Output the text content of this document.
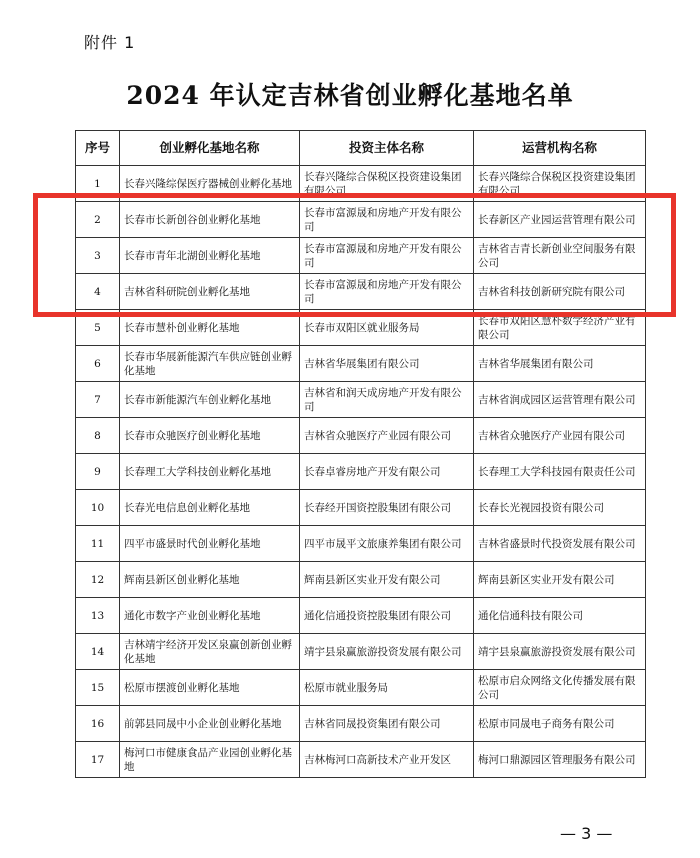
附件 1
2024 年认定吉林省创业孵化基地名单
序号	创业孵化基地名称	投资主体名称	运营机构名称
1	长春兴隆综保医疗器械创业孵化基地	长春兴隆综合保税区投资建设集团有限公司	长春兴隆综合保税区投资建设集团有限公司
2	长春市长新创谷创业孵化基地	长春市富源晟和房地产开发有限公司	长春新区产业园运营管理有限公司
3	长春市青年北湖创业孵化基地	长春市富源晟和房地产开发有限公司	吉林省吉青长新创业空间服务有限公司
4	吉林省科研院创业孵化基地	长春市富源晟和房地产开发有限公司	吉林省科技创新研究院有限公司
5	长春市慧朴创业孵化基地	长春市双阳区就业服务局	长春市双阳区慧朴数字经济产业有限公司
6	长春市华展新能源汽车供应链创业孵化基地	吉林省华展集团有限公司	吉林省华展集团有限公司
7	长春市新能源汽车创业孵化基地	吉林省和润天成房地产开发有限公司	吉林省润成园区运营管理有限公司
8	长春市众驰医疗创业孵化基地	吉林省众驰医疗产业园有限公司	吉林省众驰医疗产业园有限公司
9	长春理工大学科技创业孵化基地	长春卓睿房地产开发有限公司	长春理工大学科技园有限责任公司
10	长春光电信息创业孵化基地	长春经开国资控股集团有限公司	长春长光视园投资有限公司
11	四平市盛景时代创业孵化基地	四平市晟平文旅康养集团有限公司	吉林省盛景时代投资发展有限公司
12	辉南县新区创业孵化基地	辉南县新区实业开发有限公司	辉南县新区实业开发有限公司
13	通化市数字产业创业孵化基地	通化信通投资控股集团有限公司	通化信通科技有限公司
14	吉林靖宇经济开发区泉赢创新创业孵化基地	靖宇县泉赢旅游投资发展有限公司	靖宇县泉赢旅游投资发展有限公司
15	松原市摆渡创业孵化基地	松原市就业服务局	松原市启众网络文化传播发展有限公司
16	前郭县同晟中小企业创业孵化基地	吉林省同晟投资集团有限公司	松原市同晟电子商务有限公司
17	梅河口市健康食品产业园创业孵化基地	吉林梅河口高新技术产业开发区	梅河口鼎源园区管理服务有限公司
— 3 —
